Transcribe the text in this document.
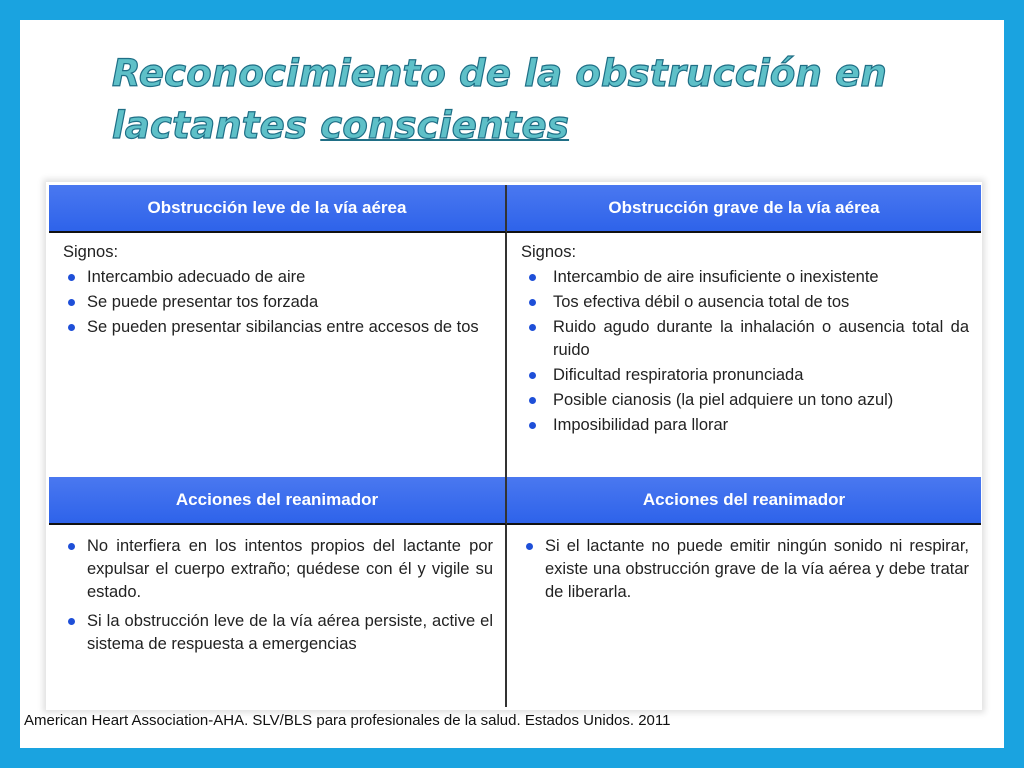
Reconocimiento de la obstrucción en
lactantes conscientes
Obstrucción leve de la vía aérea	Obstrucción grave de la vía aérea

Signos:

Intercambio adecuado de aire
Se puede presentar tos forzada
Se pueden presentar sibilancias entre accesos de tos

Signos:

Intercambio de aire insuficiente o inexistente
Tos efectiva débil o ausencia total de tos
Ruido agudo durante la inhalación o ausencia total da ruido
Dificultad respiratoria pronunciada
Posible cianosis (la piel adquiere un tono azul)
Imposibilidad para llorar
Acciones del reanimador	Acciones del reanimador
No interfiera en los intentos propios del lactante por expulsar el cuerpo extraño; quédese con él y vigile su estado.
Si la obstrucción leve de la vía aérea persiste, active el sistema de respuesta a emergencias
Si el lactante no puede emitir ningún sonido ni respirar, existe una obstrucción grave de la vía aérea y debe tratar de liberarla.
American Heart Association-AHA. SLV/BLS para profesionales de la salud. Estados Unidos. 2011
